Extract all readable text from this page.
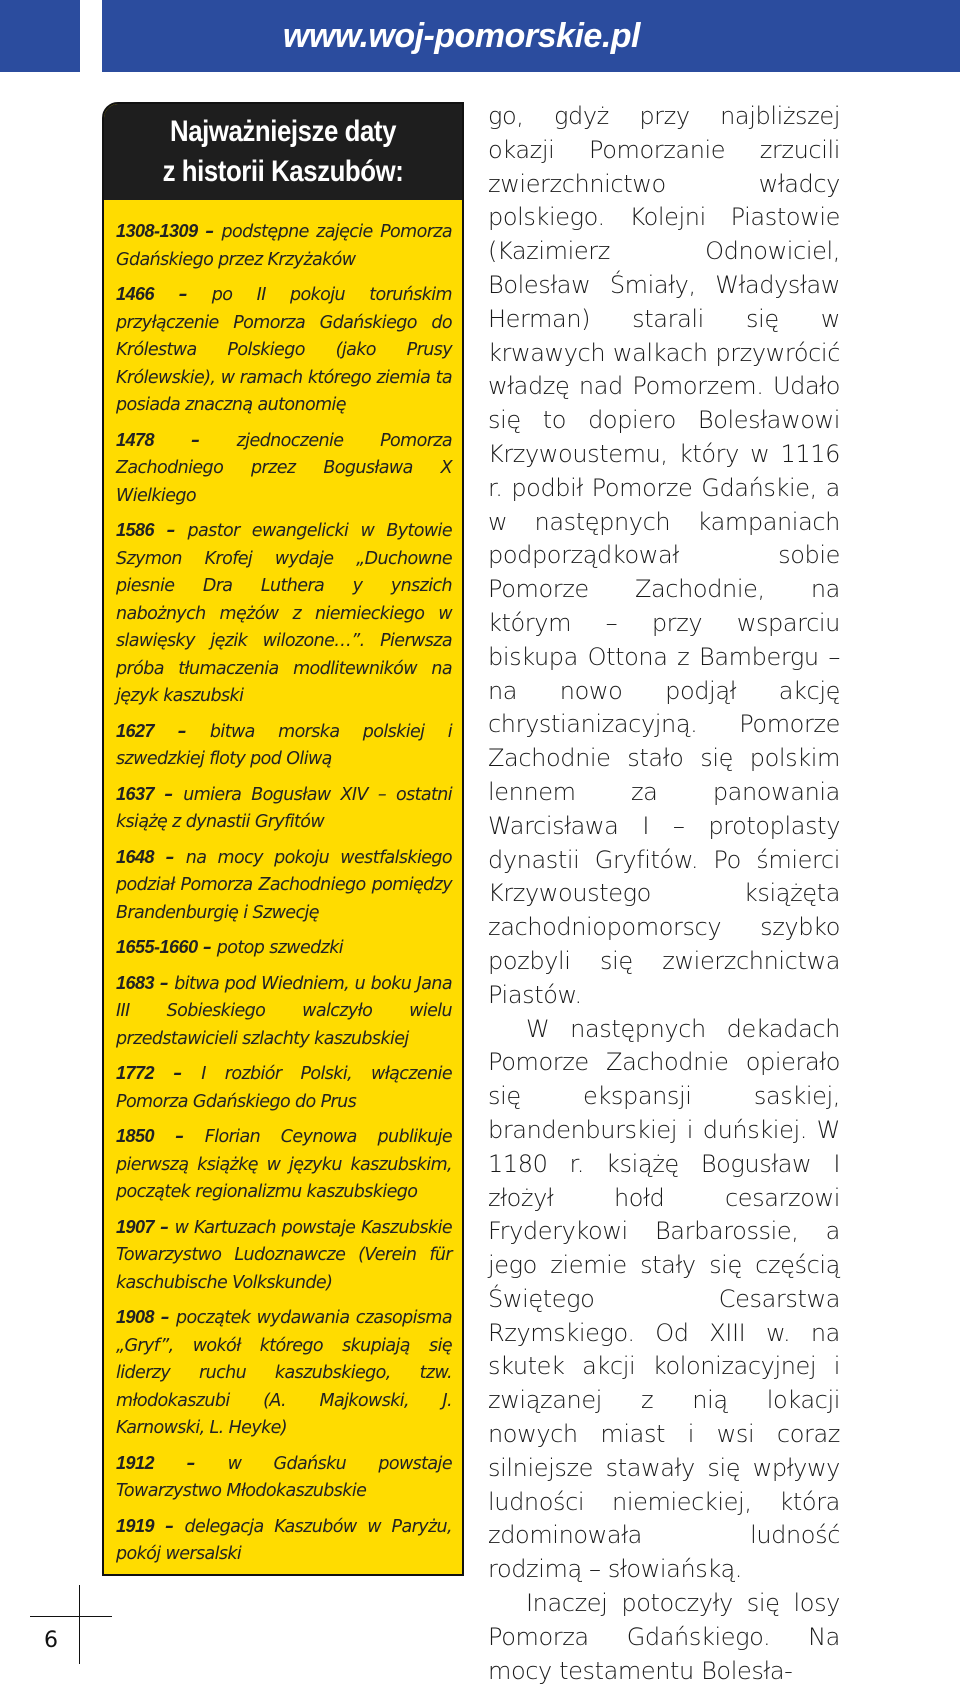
www.woj-pomorskie.pl
Najważniejsze daty
z historii Kaszubów:
1308-1309 – podstępne zajęcie Pomorza Gdańskiego przez Krzyżaków
1466 – po II pokoju toruńskim przyłączenie Pomorza Gdańskiego do Królestwa Polskiego (jako Prusy Królewskie), w ramach którego ziemia ta posiada znaczną autonomię
1478 – zjednoczenie Pomorza Zachodniego przez Bogusława X Wielkiego
1586 – pastor ewangelicki w Bytowie Szymon Krofej wydaje „Duchowne piesnie Dra Luthera y ynszich nabożnych mężów z niemieckiego w slawięsky jęzik wilozone…”. Pierwsza próba tłumaczenia modlitewników na język kaszubski
1627 – bitwa morska polskiej i szwedzkiej floty pod Oliwą
1637 – umiera Bogusław XIV – ostatni książę z dynastii Gryfitów
1648 – na mocy pokoju westfalskiego podział Pomorza Zachodniego pomiędzy Brandenburgię i Szwecję
1655-1660 – potop szwedzki
1683 – bitwa pod Wiedniem, u boku Jana III Sobieskiego walczyło wielu przedstawicieli szlachty kaszubskiej
1772 – I rozbiór Polski, włączenie Pomorza Gdańskiego do Prus
1850 – Florian Ceynowa publikuje pierwszą książkę w języku kaszubskim, początek regionalizmu kaszubskiego
1907 – w Kartuzach powstaje Kaszubskie Towarzystwo Ludoznawcze (Verein für kaschubische Volkskunde)
1908 – początek wydawania czasopisma „Gryf”, wokół którego skupiają się liderzy ruchu kaszubskiego, tzw. młodokaszubi (A. Majkowski, J. Karnowski, L. Heyke)
1912 – w Gdańsku powstaje Towarzystwo Młodokaszubskie
1919 – delegacja Kaszubów w Paryżu, pokój wersalski

go, gdyż przy najbliższej okazji Pomorzanie zrzucili zwierzchnictwo władcy polskiego. Kolejni Piastowie (Kazimierz Odnowiciel, Bolesław Śmiały, Władysław Herman) starali się w krwawych walkach przywrócić władzę nad Pomorzem. Udało się to dopiero Bolesławowi Krzywoustemu, który w 1116 r. podbił Pomorze Gdańskie, a w następnych kampaniach podporządkował sobie Pomorze Zachodnie, na którym – przy wsparciu biskupa Ottona z Bambergu – na nowo podjął akcję chrystianizacyjną. Pomorze Zachodnie stało się polskim lennem za panowania Warcisława I – protoplasty dynastii Gryfitów. Po śmierci Krzywoustego książęta zachodniopomorscy szybko pozbyli się zwierzchnictwa Piastów.

W następnych dekadach Pomorze Zachodnie opierało się ekspansji saskiej, brandenburskiej i duńskiej. W 1180 r. książę Bogusław I złożył hołd cesarzowi Fryderykowi Barbarossie, a jego ziemie stały się częścią Świętego Cesarstwa Rzymskiego. Od XIII w. na skutek akcji kolonizacyjnej i związanej z nią lokacji nowych miast i wsi coraz silniejsze stawały się wpływy ludności niemieckiej, która zdominowała ludność rodzimą – słowiańską.

Inaczej potoczyły się losy Pomorza Gdańskiego. Na mocy testamentu Bolesła-

6
